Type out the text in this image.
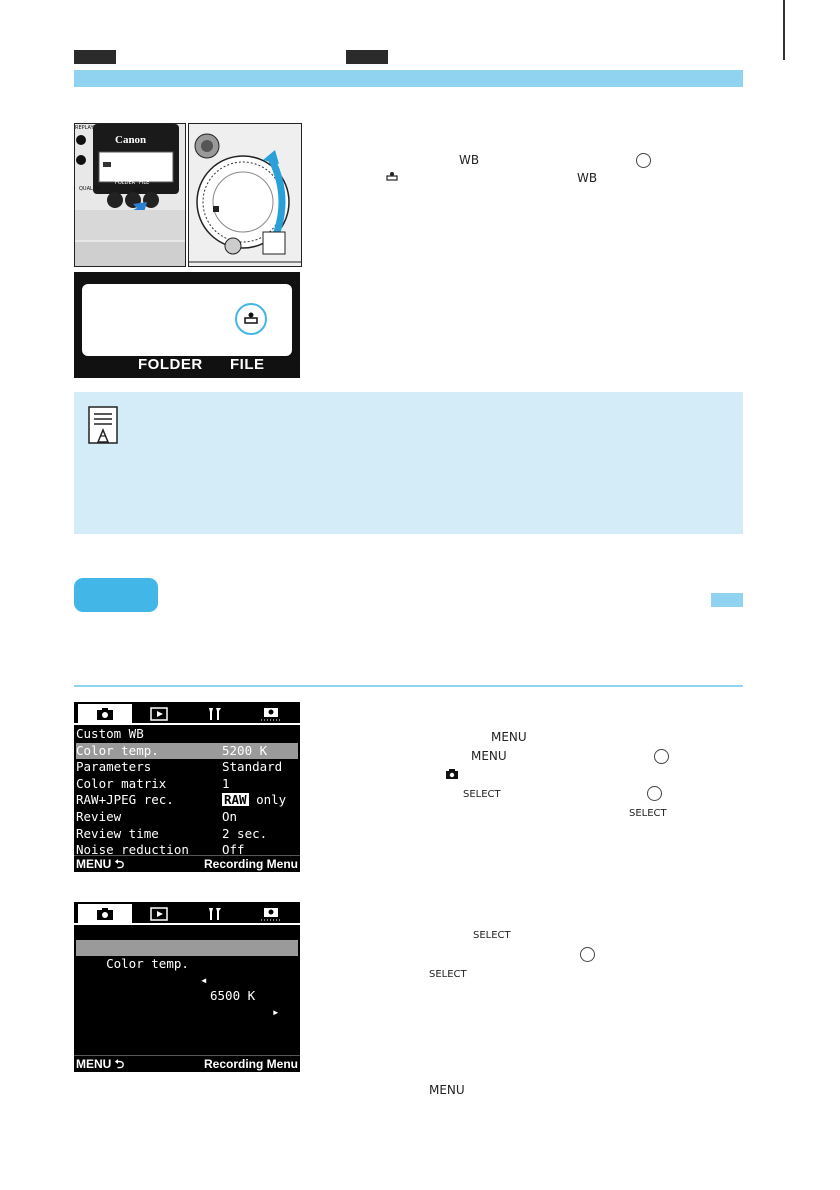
Canon
REPLAY
QUALITY
FOLDER FILE
WB
FOLDER FILE
WB
WB
Custom WB
Color temp.	5200 K
Parameters	Standard
Color matrix	1
RAW+JPEG rec.	RAW only
Review	On
Review time	2 sec.
Noise reduction	Off
MENU ⮌	Recording Menu

Color temp.

◂

6500 K

▸

MENU ⮌	Recording Menu
MENU
MENU
SELECT
SELECT
SELECT
SELECT
MENU
